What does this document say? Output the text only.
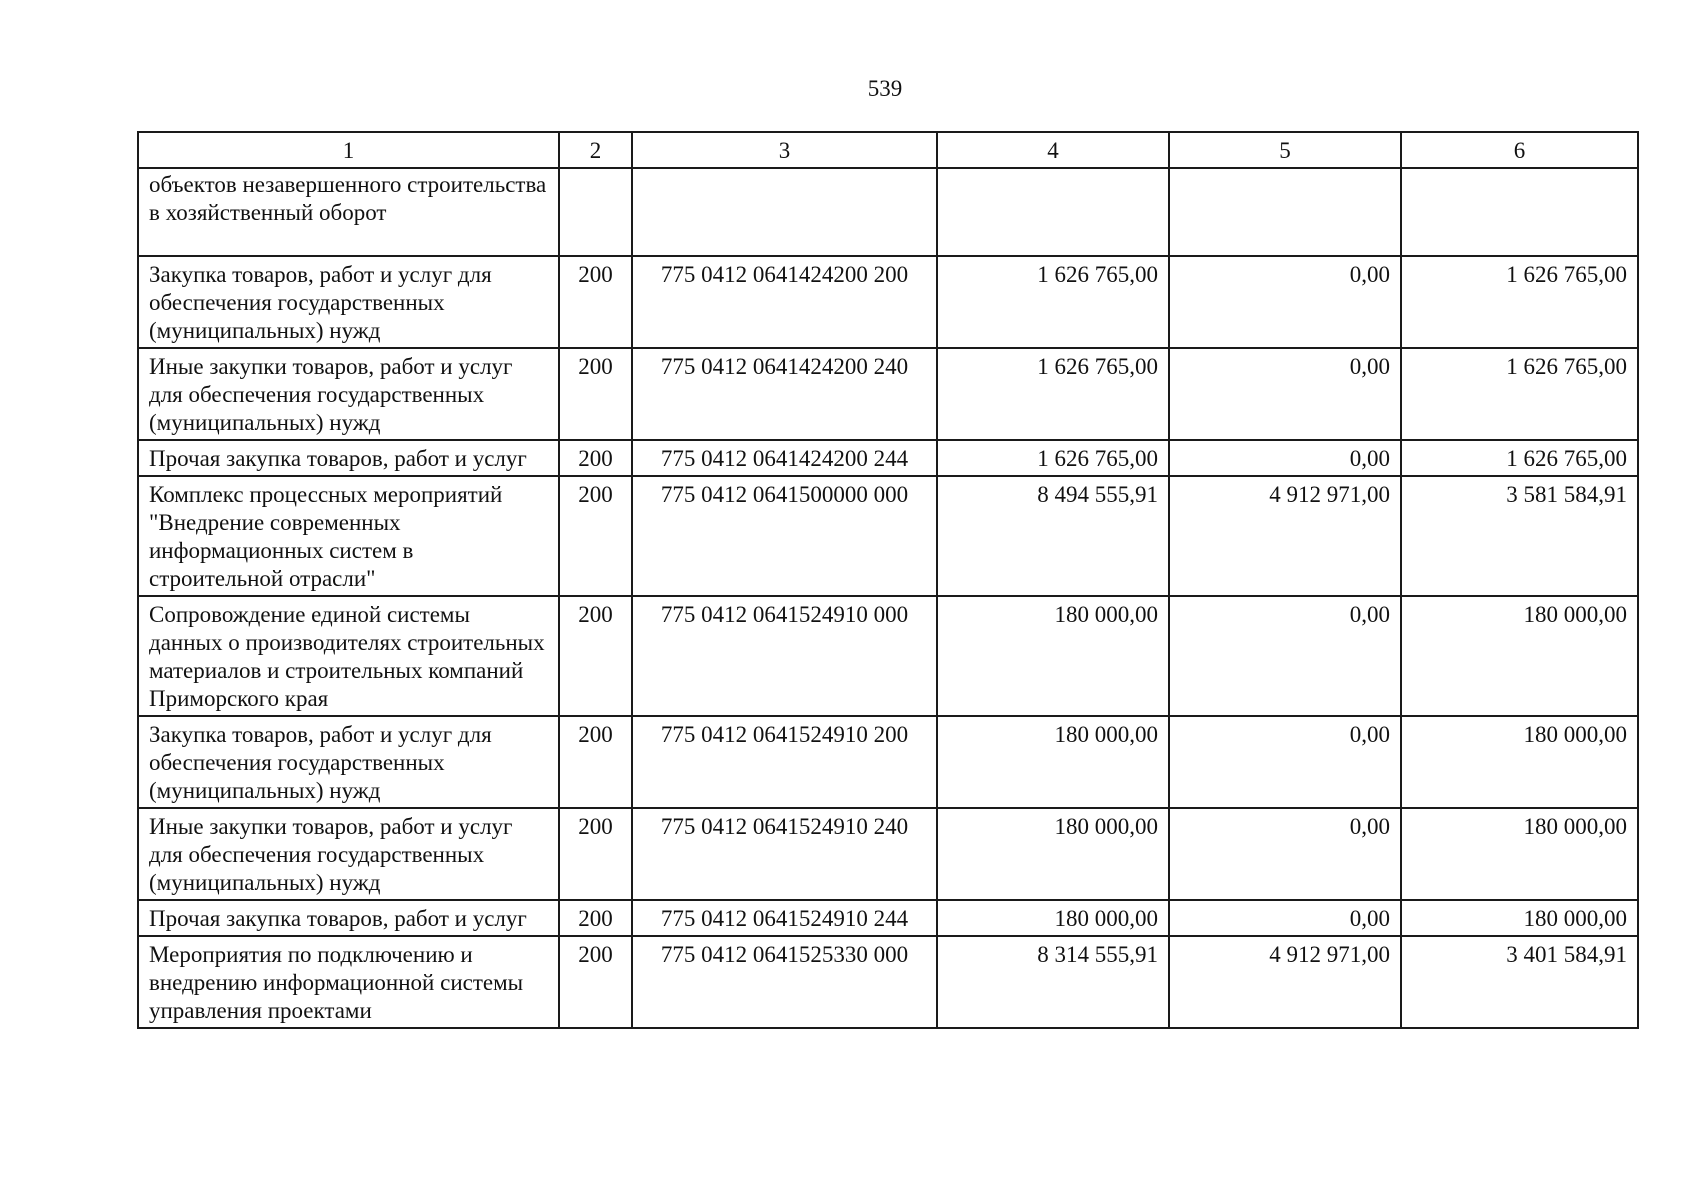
539
1	2	3	4	5	6
объектов незавершенного строительства в хозяйственный оборот					
Закупка товаров, работ и услуг для обеспечения государственных (муниципальных) нужд	200	775 0412 0641424200 200	1 626 765,00	0,00	1 626 765,00
Иные закупки товаров, работ и услуг для обеспечения государственных (муниципальных) нужд	200	775 0412 0641424200 240	1 626 765,00	0,00	1 626 765,00
Прочая закупка товаров, работ и услуг	200	775 0412 0641424200 244	1 626 765,00	0,00	1 626 765,00
Комплекс процессных мероприятий "Внедрение современных информационных систем в строительной отрасли"	200	775 0412 0641500000 000	8 494 555,91	4 912 971,00	3 581 584,91
Сопровождение единой системы данных о производителях строительных материалов и строительных компаний Приморского края	200	775 0412 0641524910 000	180 000,00	0,00	180 000,00
Закупка товаров, работ и услуг для обеспечения государственных (муниципальных) нужд	200	775 0412 0641524910 200	180 000,00	0,00	180 000,00
Иные закупки товаров, работ и услуг для обеспечения государственных (муниципальных) нужд	200	775 0412 0641524910 240	180 000,00	0,00	180 000,00
Прочая закупка товаров, работ и услуг	200	775 0412 0641524910 244	180 000,00	0,00	180 000,00
Мероприятия по подключению и внедрению информационной системы управления проектами	200	775 0412 0641525330 000	8 314 555,91	4 912 971,00	3 401 584,91
